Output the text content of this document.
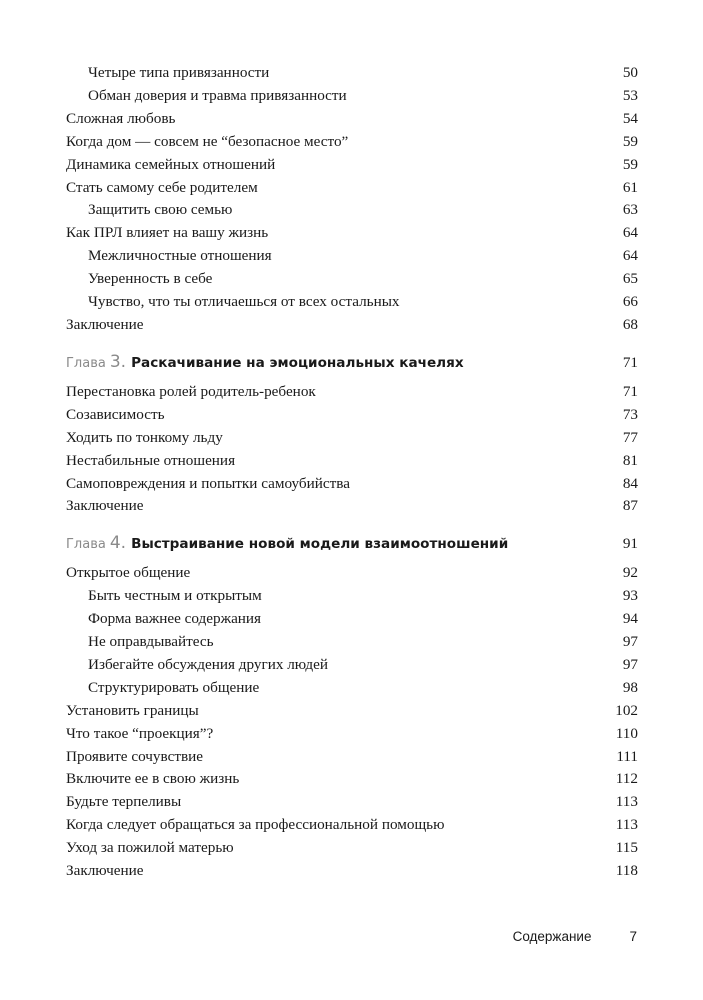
Четыре типа привязанности	50
Обман доверия и травма привязанности	53
Сложная любовь	54
Когда дом — совсем не “безопасное место”	59
Динамика семейных отношений	59
Стать самому себе родителем	61
Защитить свою семью	63
Как ПРЛ влияет на вашу жизнь	64
Межличностные отношения	64
Уверенность в себе	65
Чувство, что ты отличаешься от всех остальных	66
Заключение	68
Глава 3. Раскачивание на эмоциональных качелях	71
Перестановка ролей родитель-ребенок	71
Созависимость	73
Ходить по тонкому льду	77
Нестабильные отношения	81
Самоповреждения и попытки самоубийства	84
Заключение	87
Глава 4. Выстраивание новой модели взаимоотношений	91
Открытое общение	92
Быть честным и открытым	93
Форма важнее содержания	94
Не оправдывайтесь	97
Избегайте обсуждения других людей	97
Структурировать общение	98
Установить границы	102
Что такое “проекция”?	110
Проявите сочувствие	111
Включите ее в свою жизнь	112
Будьте терпеливы	113
Когда следует обращаться за профессиональной помощью	113
Уход за пожилой матерью	115
Заключение	118
Содержание	7
